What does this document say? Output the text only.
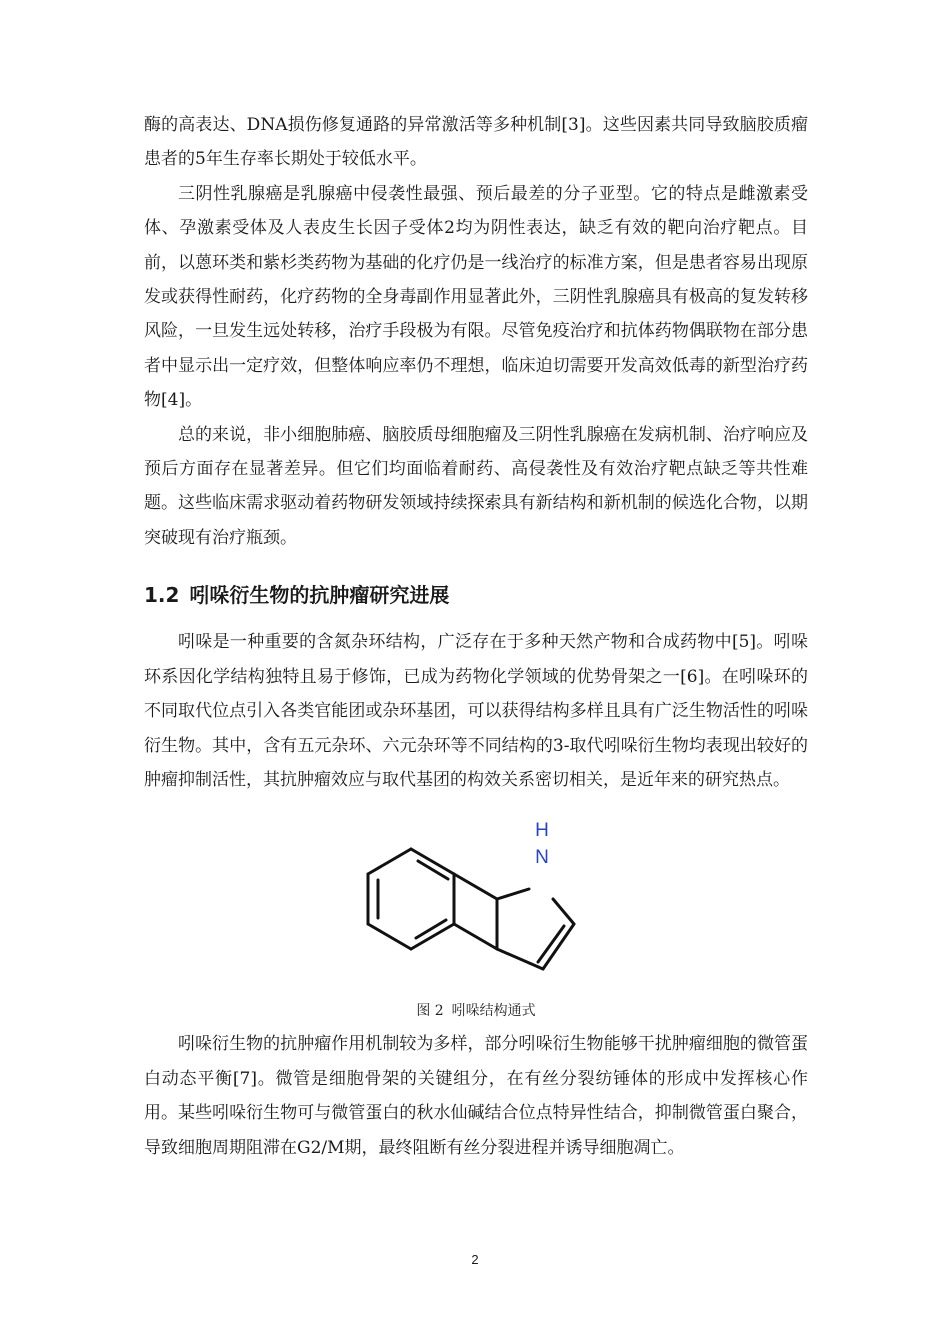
酶的高表达、DNA损伤修复通路的异常激活等多种机制[3]。这些因素共同导致脑胶质瘤患者的5年生存率长期处于较低水平。

三阴性乳腺癌是乳腺癌中侵袭性最强、预后最差的分子亚型。它的特点是雌激素受体、孕激素受体及人表皮生长因子受体2均为阴性表达，缺乏有效的靶向治疗靶点。目前，以蒽环类和紫杉类药物为基础的化疗仍是一线治疗的标准方案，但是患者容易出现原发或获得性耐药，化疗药物的全身毒副作用显著此外，三阴性乳腺癌具有极高的复发转移风险，一旦发生远处转移，治疗手段极为有限。尽管免疫治疗和抗体药物偶联物在部分患者中显示出一定疗效，但整体响应率仍不理想，临床迫切需要开发高效低毒的新型治疗药物[4]。

总的来说，非小细胞肺癌、脑胶质母细胞瘤及三阴性乳腺癌在发病机制、治疗响应及预后方面存在显著差异。但它们均面临着耐药、高侵袭性及有效治疗靶点缺乏等共性难题。这些临床需求驱动着药物研发领域持续探索具有新结构和新机制的候选化合物，以期突破现有治疗瓶颈。

1.2 吲哚衍生物的抗肿瘤研究进展

吲哚是一种重要的含氮杂环结构，广泛存在于多种天然产物和合成药物中[5]。吲哚环系因化学结构独特且易于修饰，已成为药物化学领域的优势骨架之一[6]。在吲哚环的不同取代位点引入各类官能团或杂环基团，可以获得结构多样且具有广泛生物活性的吲哚衍生物。其中，含有五元杂环、六元杂环等不同结构的3-取代吲哚衍生物均表现出较好的肿瘤抑制活性，其抗肿瘤效应与取代基团的构效关系密切相关，是近年来的研究热点。

H
N
图 2 吲哚结构通式

吲哚衍生物的抗肿瘤作用机制较为多样，部分吲哚衍生物能够干扰肿瘤细胞的微管蛋白动态平衡[7]。微管是细胞骨架的关键组分，在有丝分裂纺锤体的形成中发挥核心作用。某些吲哚衍生物可与微管蛋白的秋水仙碱结合位点特异性结合，抑制微管蛋白聚合，导致细胞周期阻滞在G2/M期，最终阻断有丝分裂进程并诱导细胞凋亡。

2
